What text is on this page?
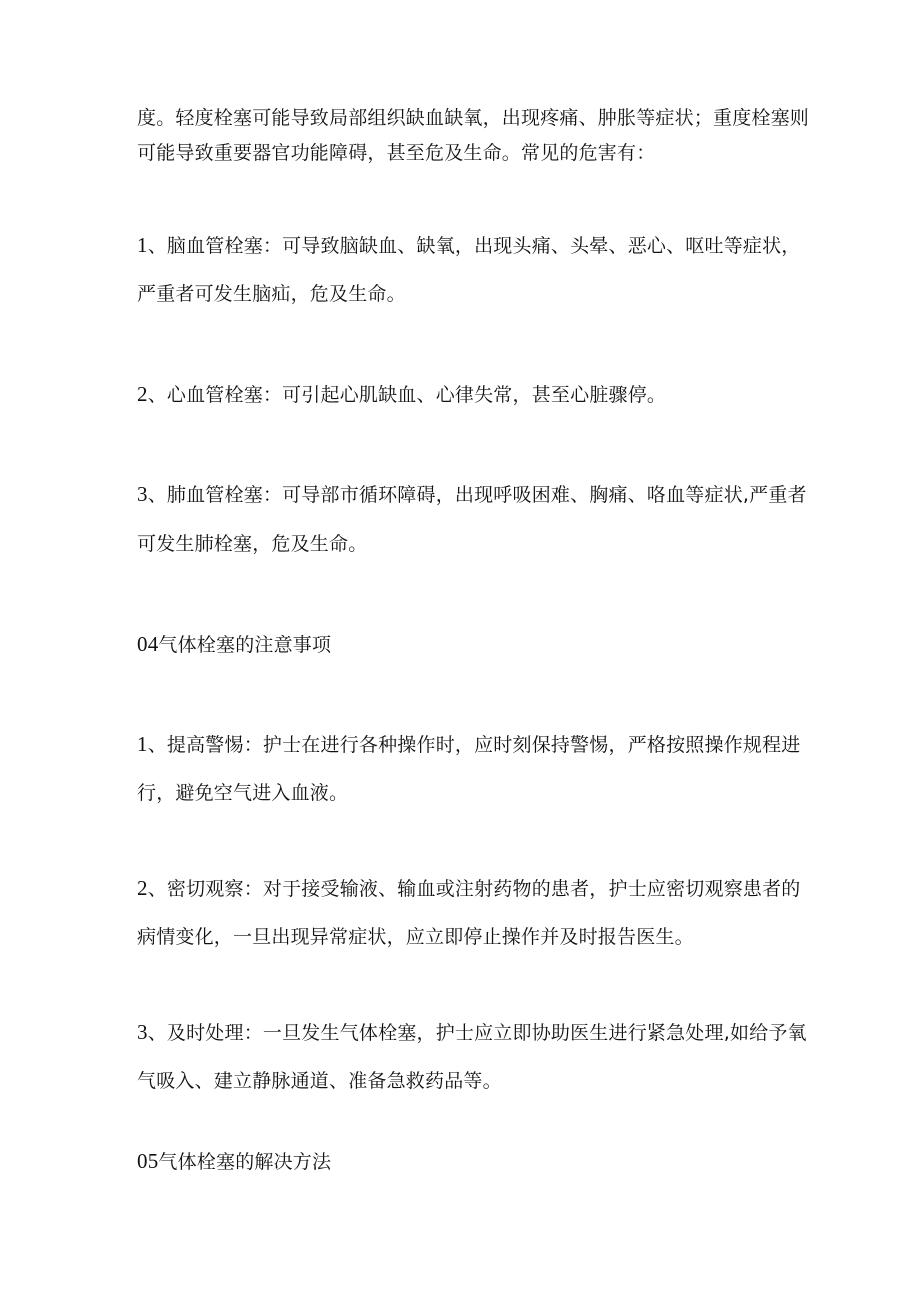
度。轻度栓塞可能导致局部组织缺血缺氧，出现疼痛、肿胀等症状；重度栓塞则
可能导致重要器官功能障碍，甚至危及生命。常见的危害有：
1、脑血管栓塞：可导致脑缺血、缺氧，出现头痛、头晕、恶心、呕吐等症状，
严重者可发生脑疝，危及生命。
2、心血管栓塞：可引起心肌缺血、心律失常，甚至心脏骤停。
3、肺血管栓塞：可导部市循环障碍，出现呼吸困难、胸痛、咯血等症状,严重者
可发生肺栓塞，危及生命。
04气体栓塞的注意事项
1、提高警惕：护士在进行各种操作时，应时刻保持警惕，严格按照操作规程进
行，避免空气进入血液。
2、密切观察：对于接受输液、输血或注射药物的患者，护士应密切观察患者的
病情变化，一旦出现异常症状，应立即停止操作并及时报告医生。
3、及时处理：一旦发生气体栓塞，护士应立即协助医生进行紧急处理,如给予氧
气吸入、建立静脉通道、准备急救药品等。
05气体栓塞的解决方法
